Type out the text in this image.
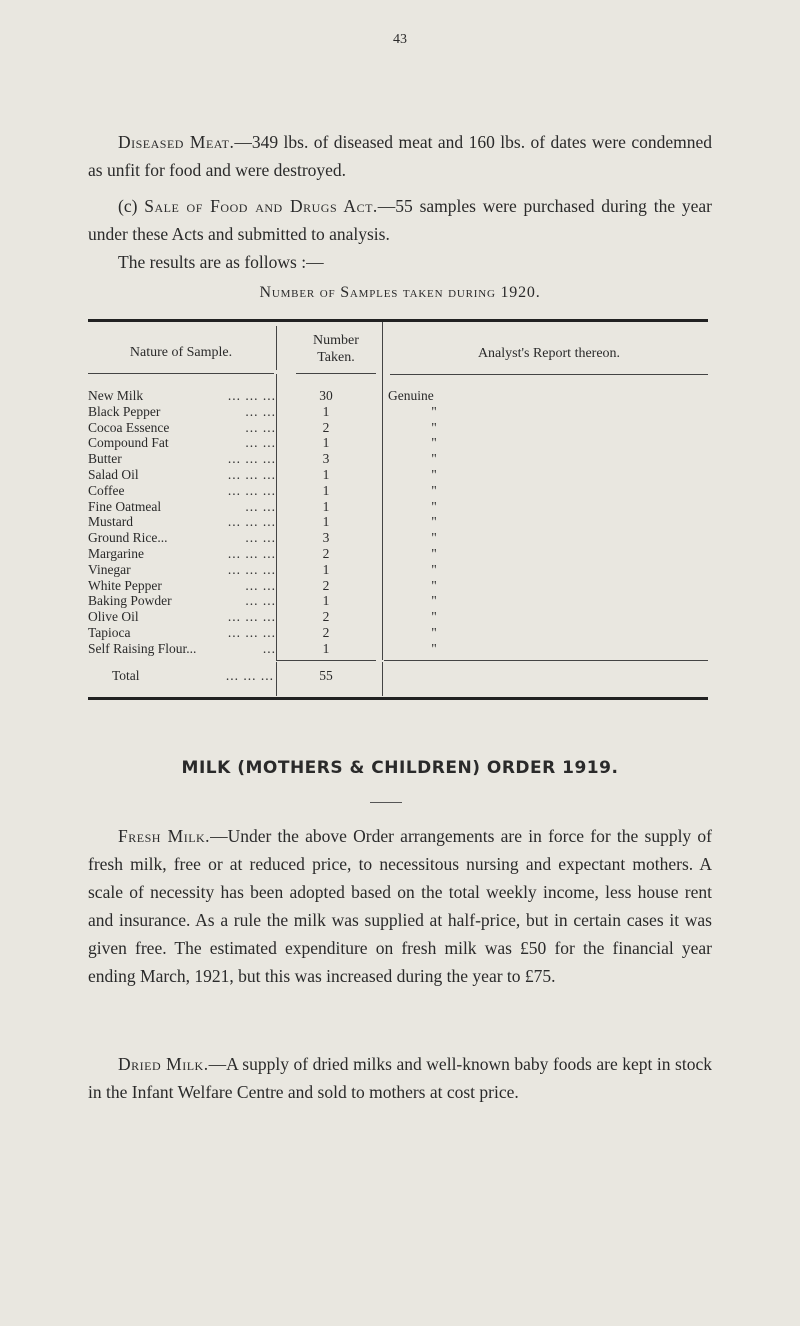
43

Diseased Meat.—349 lbs. of diseased meat and 160 lbs. of dates were condemned as unfit for food and were destroyed.

(c) Sale of Food and Drugs Act.—55 samples were purchased during the year under these Acts and submitted to analysis.

The results are as follows :—

Number of Samples taken during 1920.
Nature of Sample.
Number Taken.	Analyst's Report thereon.
... ... ...
New Milk	30	Genuine
... ...
Black Pepper	1	"
... ...
Cocoa Essence	2	"
... ...
Compound Fat	1	"
... ... ...
Butter	3	"
... ... ...
Salad Oil	1	"
... ... ...
Coffee	1	"
... ...
Fine Oatmeal	1	"
... ... ...
Mustard	1	"
... ...
Ground Rice...	3	"
... ... ...
Margarine	2	"
... ... ...
Vinegar	1	"
... ...
White Pepper	2	"
... ...
Baking Powder	1	"
... ... ...
Olive Oil	2	"
... ... ...
Tapioca	2	"
...
Self Raising Flour...	1	"
... ... ...
Total	55
MILK (MOTHERS & CHILDREN) ORDER 1919.

Fresh Milk.—Under the above Order arrangements are in force for the supply of fresh milk, free or at reduced price, to necessitous nursing and expectant mothers. A scale of necessity has been adopted based on the total weekly income, less house rent and insurance. As a rule the milk was supplied at half-price, but in certain cases it was given free. The estimated expenditure on fresh milk was £50 for the financial year ending March, 1921, but this was increased during the year to £75.

Dried Milk.—A supply of dried milks and well-known baby foods are kept in stock in the Infant Welfare Centre and sold to mothers at cost price.
